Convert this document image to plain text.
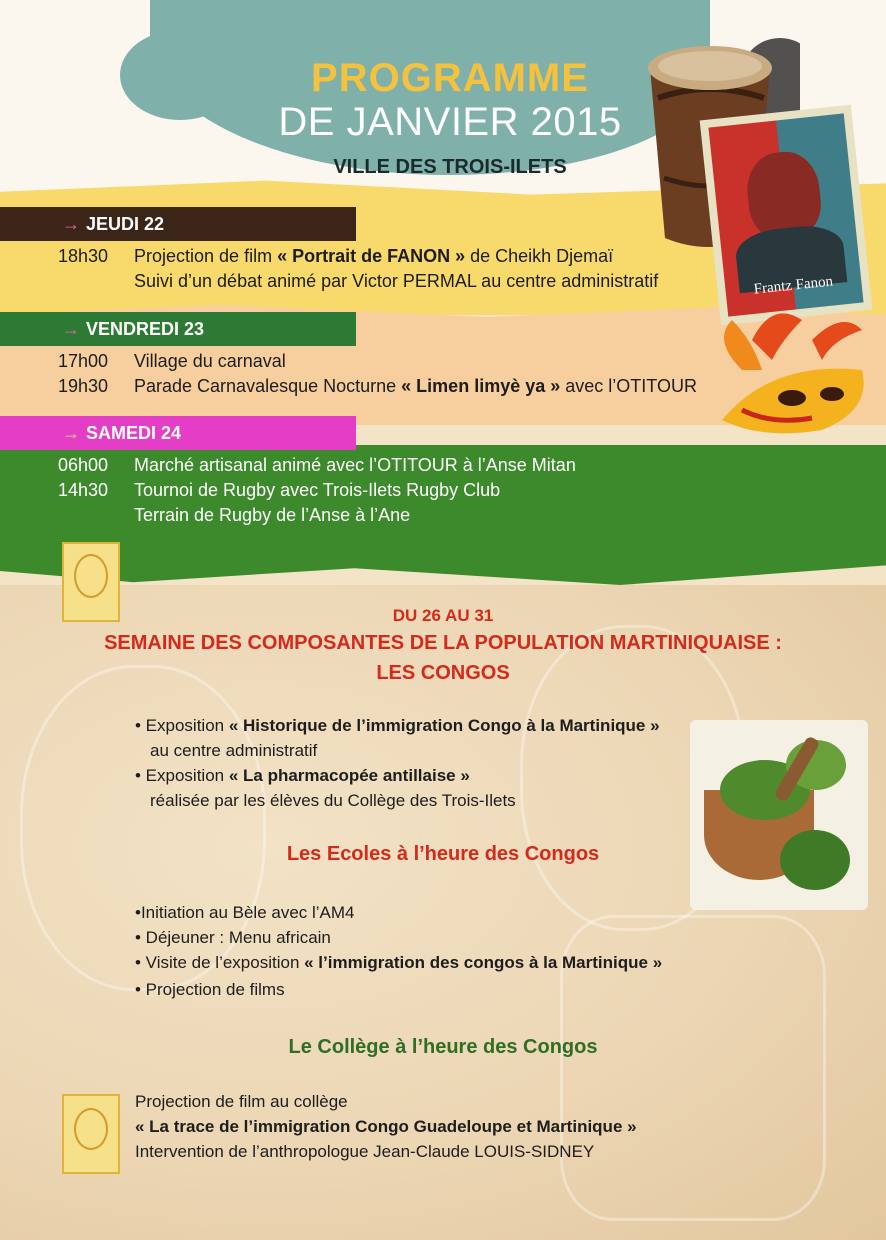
Frantz Fanon
PROGRAMME
DE JANVIER 2015
VILLE DES TROIS-ILETS
→ JEUDI 22
18h30 Projection de film « Portrait de FANON » de Cheikh Djemaï
Suivi d’un débat animé par Victor PERMAL au centre administratif
→ VENDREDI 23
17h00 Village du carnaval
19h30 Parade Carnavalesque Nocturne « Limen limyè ya » avec l’OTITOUR
→ SAMEDI 24
06h00 Marché artisanal animé avec l’OTITOUR à l’Anse Mitan
14h30 Tournoi de Rugby avec Trois-Ilets Rugby Club
Terrain de Rugby de l’Anse à l’Ane
DU 26 AU 31
SEMAINE DES COMPOSANTES DE LA POPULATION MARTINIQUAISE :
LES CONGOS
• Exposition « Historique de l’immigration Congo à la Martinique »
au centre administratif
• Exposition « La pharmacopée antillaise »
réalisée par les élèves du Collège des Trois-Ilets
Les Ecoles à l’heure des Congos
•Initiation au Bèle avec l’AM4
• Déjeuner : Menu africain
• Visite de l’exposition « l’immigration des congos à la Martinique »
• Projection de films
Le Collège à l’heure des Congos
Projection de film au collège
« La trace de l’immigration Congo Guadeloupe et Martinique »
Intervention de l’anthropologue Jean-Claude LOUIS-SIDNEY
